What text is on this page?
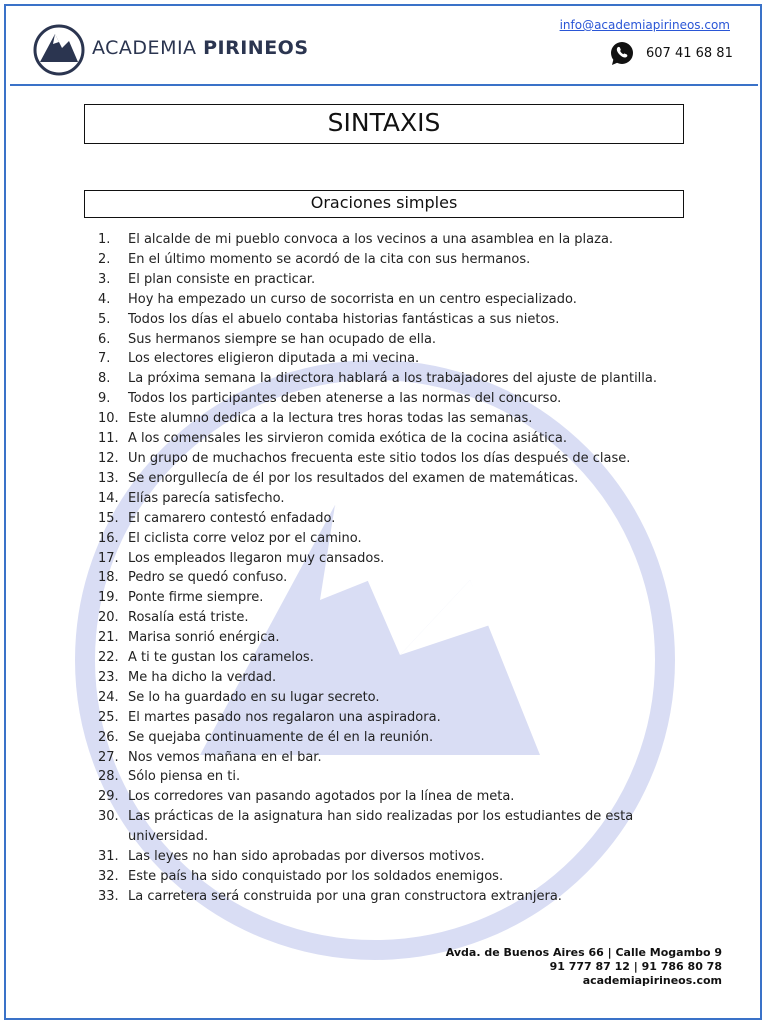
ACADEMIA PIRINEOS
info@academiapirineos.com
607 41 68 81
SINTAXIS
Oraciones simples
1.	El alcalde de mi pueblo convoca a los vecinos a una asamblea en la plaza.
2.	En el último momento se acordó de la cita con sus hermanos.
3.	El plan consiste en practicar.
4.	Hoy ha empezado un curso de socorrista en un centro especializado.
5.	Todos los días el abuelo contaba historias fantásticas a sus nietos.
6.	Sus hermanos siempre se han ocupado de ella.
7.	Los electores eligieron diputada a mi vecina.
8.	La próxima semana la directora hablará a los trabajadores del ajuste de plantilla.
9.	Todos los participantes deben atenerse a las normas del concurso.
10. Este alumno dedica a la lectura tres horas todas las semanas.
11. A los comensales les sirvieron comida exótica de la cocina asiática.
12. Un grupo de muchachos frecuenta este sitio todos los días después de clase.
13. Se enorgullecía de él por los resultados del examen de matemáticas.
14. Elías parecía satisfecho.
15. El camarero contestó enfadado.
16. El ciclista corre veloz por el camino.
17. Los empleados llegaron muy cansados.
18. Pedro se quedó confuso.
19. Ponte firme siempre.
20. Rosalía está triste.
21. Marisa sonrió enérgica.
22. A ti te gustan los caramelos.
23. Me ha dicho la verdad.
24. Se lo ha guardado en su lugar secreto.
25. El martes pasado nos regalaron una aspiradora.
26. Se quejaba continuamente de él en la reunión.
27. Nos vemos mañana en el bar.
28. Sólo piensa en ti.
29. Los corredores van pasando agotados por la línea de meta.
30. Las prácticas de la asignatura han sido realizadas por los estudiantes de esta universidad.
31. Las leyes no han sido aprobadas por diversos motivos.
32. Este país ha sido conquistado por los soldados enemigos.
33. La carretera será construida por una gran constructora extranjera.
Avda. de Buenos Aires 66 | Calle Mogambo 9
91 777 87 12 | 91 786 80 78
academiapirineos.com
